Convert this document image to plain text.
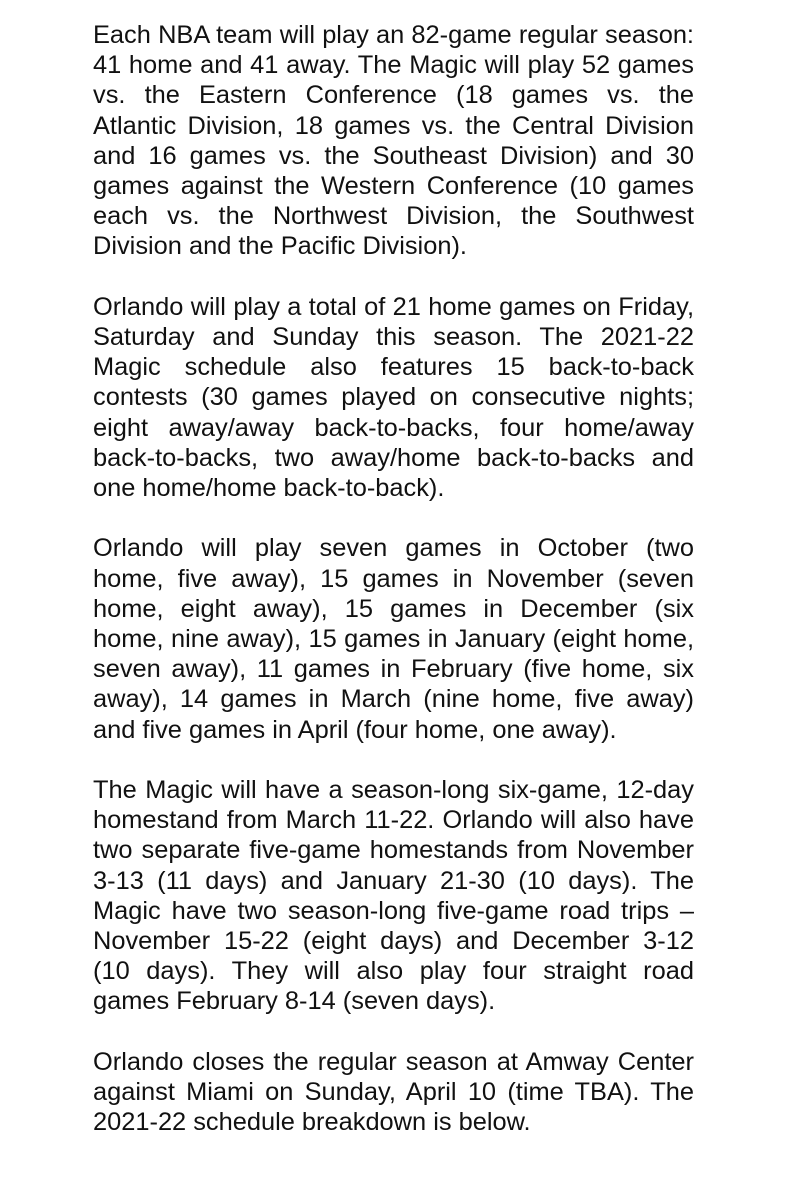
Each NBA team will play an 82-game regular season: 41 home and 41 away. The Magic will play 52 games vs. the Eastern Conference (18 games vs. the Atlantic Division, 18 games vs. the Central Division and 16 games vs. the Southeast Division) and 30 games against the Western Conference (10 games each vs. the Northwest Division, the Southwest Division and the Pacific Division).

Orlando will play a total of 21 home games on Friday, Saturday and Sunday this season. The 2021-22 Magic schedule also features 15 back-to-back contests (30 games played on consecutive nights; eight away/away back-to-backs, four home/away back-to-backs, two away/home back-to-backs and one home/home back-to-back).

Orlando will play seven games in October (two home, five away), 15 games in November (seven home, eight away), 15 games in December (six home, nine away), 15 games in January (eight home, seven away), 11 games in February (five home, six away), 14 games in March (nine home, five away) and five games in April (four home, one away).

The Magic will have a season-long six-game, 12-day homestand from March 11-22. Orlando will also have two separate five-game homestands from November 3-13 (11 days) and January 21-30 (10 days). The Magic have two season-long five-game road trips – November 15-22 (eight days) and December 3-12 (10 days). They will also play four straight road games February 8-14 (seven days).

Orlando closes the regular season at Amway Center against Miami on Sunday, April 10 (time TBA). The 2021-22 schedule breakdown is below.
